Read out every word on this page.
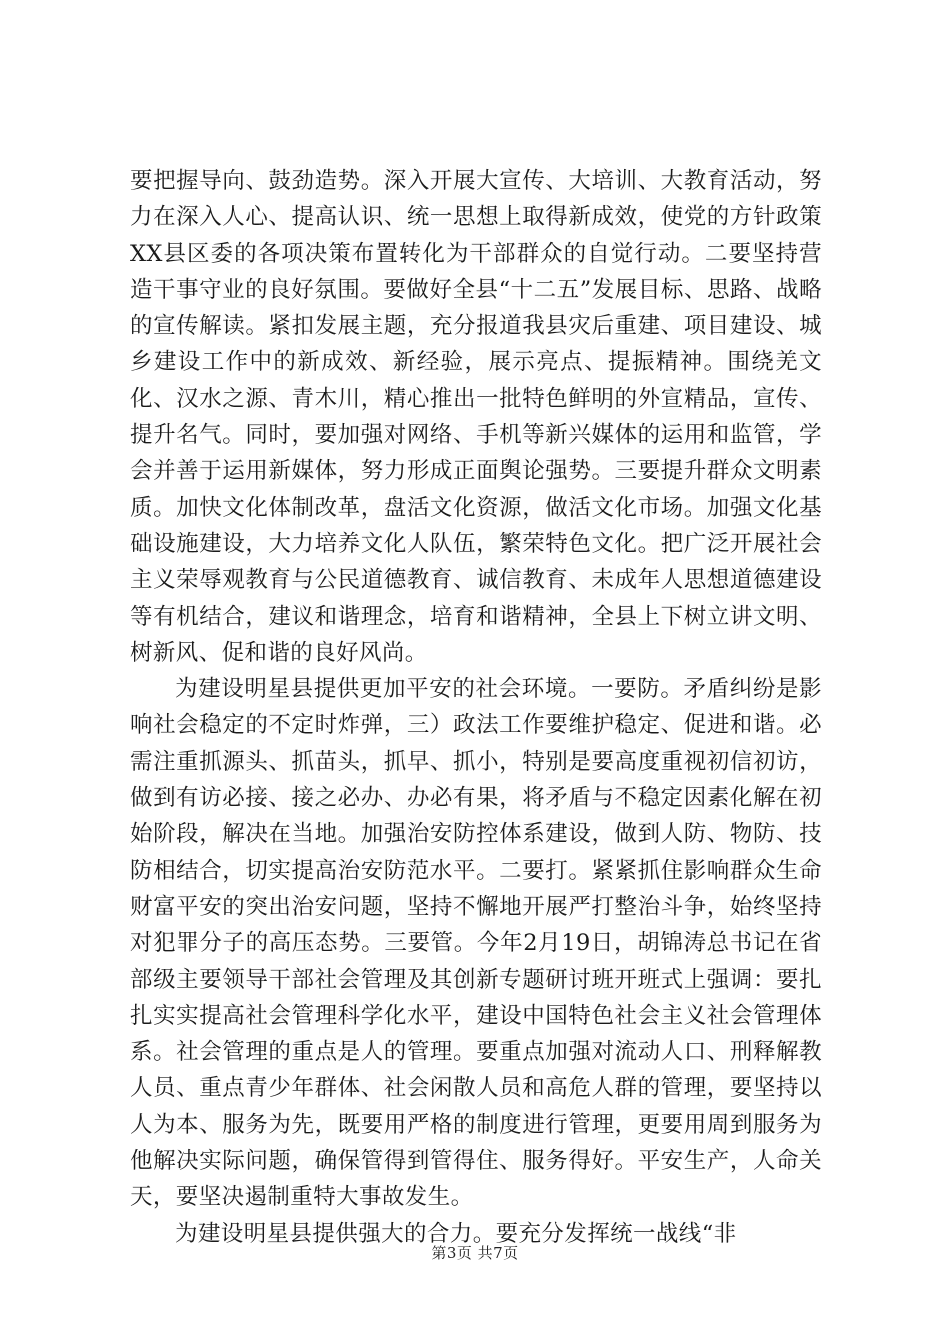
要把握导向、鼓劲造势。深入开展大宣传、大培训、大教育活动，努力在深入人心、提高认识、统一思想上取得新成效，使党的方针政策XX县区委的各项决策布置转化为干部群众的自觉行动。二要坚持营造干事守业的良好氛围。要做好全县“十二五”发展目标、思路、战略的宣传解读。紧扣发展主题，充分报道我县灾后重建、项目建设、城乡建设工作中的新成效、新经验，展示亮点、提振精神。围绕羌文化、汉水之源、青木川，精心推出一批特色鲜明的外宣精品，宣传、提升名气。同时，要加强对网络、手机等新兴媒体的运用和监管，学会并善于运用新媒体，努力形成正面舆论强势。三要提升群众文明素质。加快文化体制改革，盘活文化资源，做活文化市场。加强文化基础设施建设，大力培养文化人队伍，繁荣特色文化。把广泛开展社会主义荣辱观教育与公民道德教育、诚信教育、未成年人思想道德建设等有机结合，建议和谐理念，培育和谐精神，全县上下树立讲文明、树新风、促和谐的良好风尚。

为建设明星县提供更加平安的社会环境。一要防。矛盾纠纷是影响社会稳定的不定时炸弹，三）政法工作要维护稳定、促进和谐。必需注重抓源头、抓苗头，抓早、抓小，特别是要高度重视初信初访，做到有访必接、接之必办、办必有果，将矛盾与不稳定因素化解在初始阶段，解决在当地。加强治安防控体系建设，做到人防、物防、技防相结合，切实提高治安防范水平。二要打。紧紧抓住影响群众生命财富平安的突出治安问题，坚持不懈地开展严打整治斗争，始终坚持对犯罪分子的高压态势。三要管。今年2月19日，胡锦涛总书记在省部级主要领导干部社会管理及其创新专题研讨班开班式上强调：要扎扎实实提高社会管理科学化水平，建设中国特色社会主义社会管理体系。社会管理的重点是人的管理。要重点加强对流动人口、刑释解教人员、重点青少年群体、社会闲散人员和高危人群的管理，要坚持以人为本、服务为先，既要用严格的制度进行管理，更要用周到服务为他解决实际问题，确保管得到管得住、服务得好。平安生产，人命关天，要坚决遏制重特大事故发生。

为建设明星县提供强大的合力。要充分发挥统一战线“非

第3页 共7页
